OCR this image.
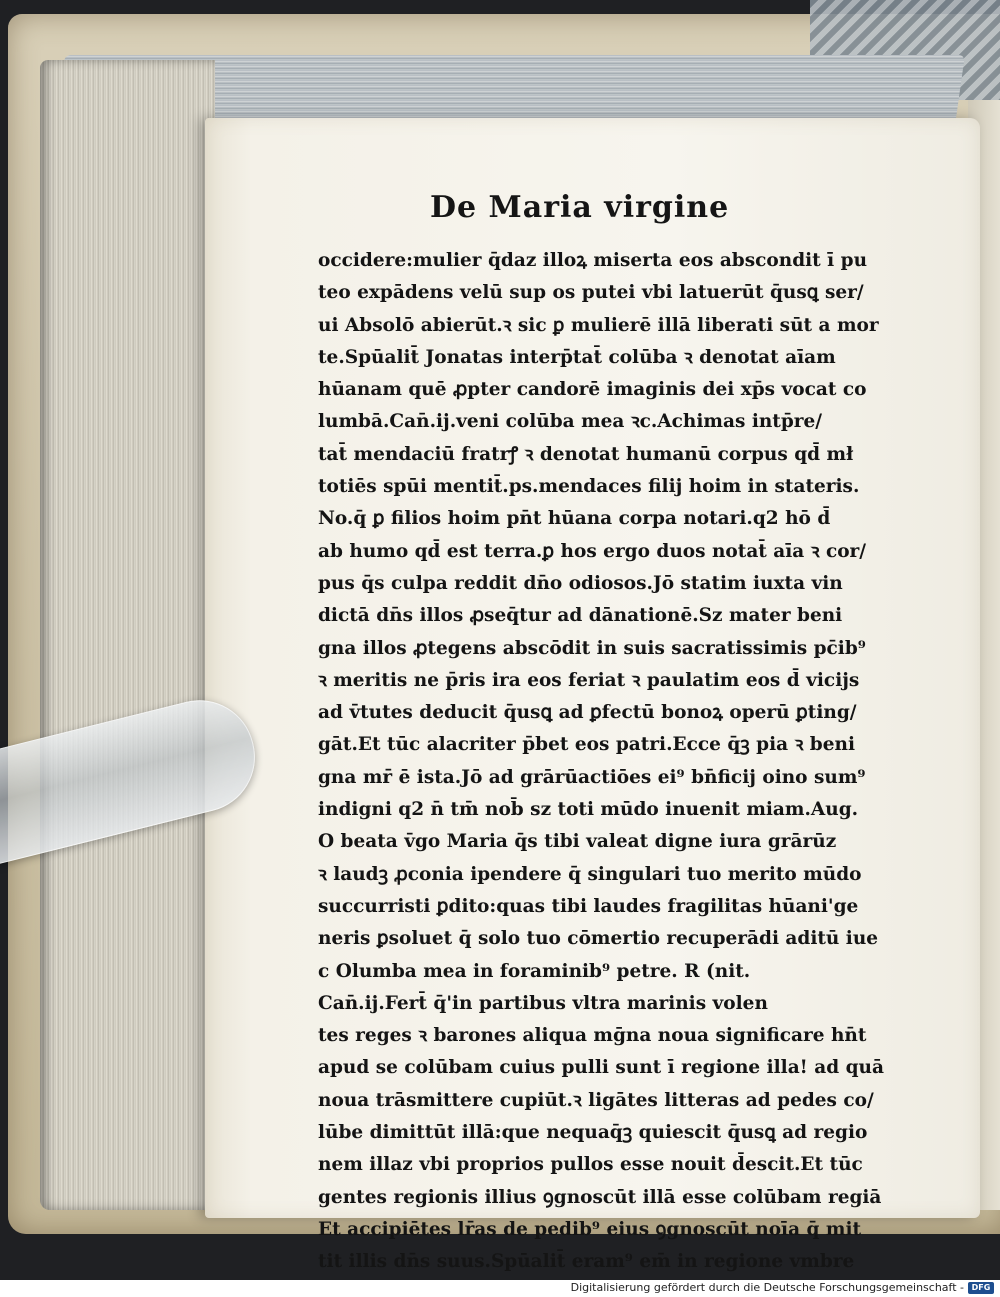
De Maria virgine
occidere:mulier q̄daz illoꝝ miserta eos abscondit ī pu
teo expādens velū sup os putei vbi latuerūt q̄usꝗ ser/
ui Absolō abierūt.ꝛ sic ꝑ mulierē illā liberati sūt a mor
te.Spūalit̄ Jonatas interp̄tat̄ colūba ꝛ denotat aīam
hūanam quē ꝓpter candorē imaginis dei xp̄s vocat co
lumbā.Can̄.ij.veni colūba mea ꝛc.Achimas intp̄re/
tat̄ mendaciū fratrꝭ ꝛ denotat humanū corpus qd̄ mł
totiēs spūi mentit̄.ps.mendaces filij hoim in stateris.
No.q̄ ꝑ filios hoim pn̄t hūana corpa notari.q2 hō d̄
ab humo qd̄ est terra.ꝑ hos ergo duos notat̄ aīa ꝛ cor/
pus q̄s culpa reddit dn̄o odiosos.Jō statim iuxta vin
dictā dn̄s illos ꝓseq̄tur ad dānationē.Sz mater beni
gna illos ꝓtegens abscōdit in suis sacratissimis pc̄ib⁹
ꝛ meritis ne p̄ris ira eos feriat ꝛ paulatim eos d̄ vicijs
ad v̄tutes deducit q̄usꝗ ad ꝑfectū bonoꝝ operū ꝑting/
gāt.Et tūc alacriter p̄bet eos patri.Ecce q̄ꝫ pia ꝛ beni
gna mr̄ ē ista.Jō ad grārūactiōes ei⁹ bn̄ficij oino sum⁹
indigni q2 n̄ tm̄ nob̄ sz toti mūdo inuenit miam.Aug.
O beata v̄go Maria q̄s tibi valeat digne iura grārūz
ꝛ laudꝫ ꝓconia ipendere q̄ singulari tuo merito mūdo
succurristi ꝑdito:quas tibi laudes fragilitas hūani'ge
neris ꝑsoluet q̄ solo tuo cōmertio recuperādi aditū iue
c Olumba mea in foraminib⁹ petre. R (nit.
Can̄.ij.Fert̄ q̄'in partibus vltra marinis volen
tes reges ꝛ barones aliqua mḡna noua significare hn̄t
apud se colūbam cuius pulli sunt ī regione illa! ad quā
noua trāsmittere cupiūt.ꝛ ligātes litteras ad pedes co/
lūbe dimittūt illā:que nequaq̄ꝫ quiescit q̄usꝗ ad regio
nem illaz vbi proprios pullos esse nouit d̄escit.Et tūc
gentes regionis illius ꝯgnoscūt illā esse colūbam regiā
Et accipiētes lr̄as de pedib⁹ eius ꝯgnoscūt noīa q̄ mit
tit illis dn̄s suus.Spūalit̄ eram⁹ em̄ in regione vmbre
Digitalisierung gefördert durch die Deutsche Forschungsgemeinschaft - DFG
